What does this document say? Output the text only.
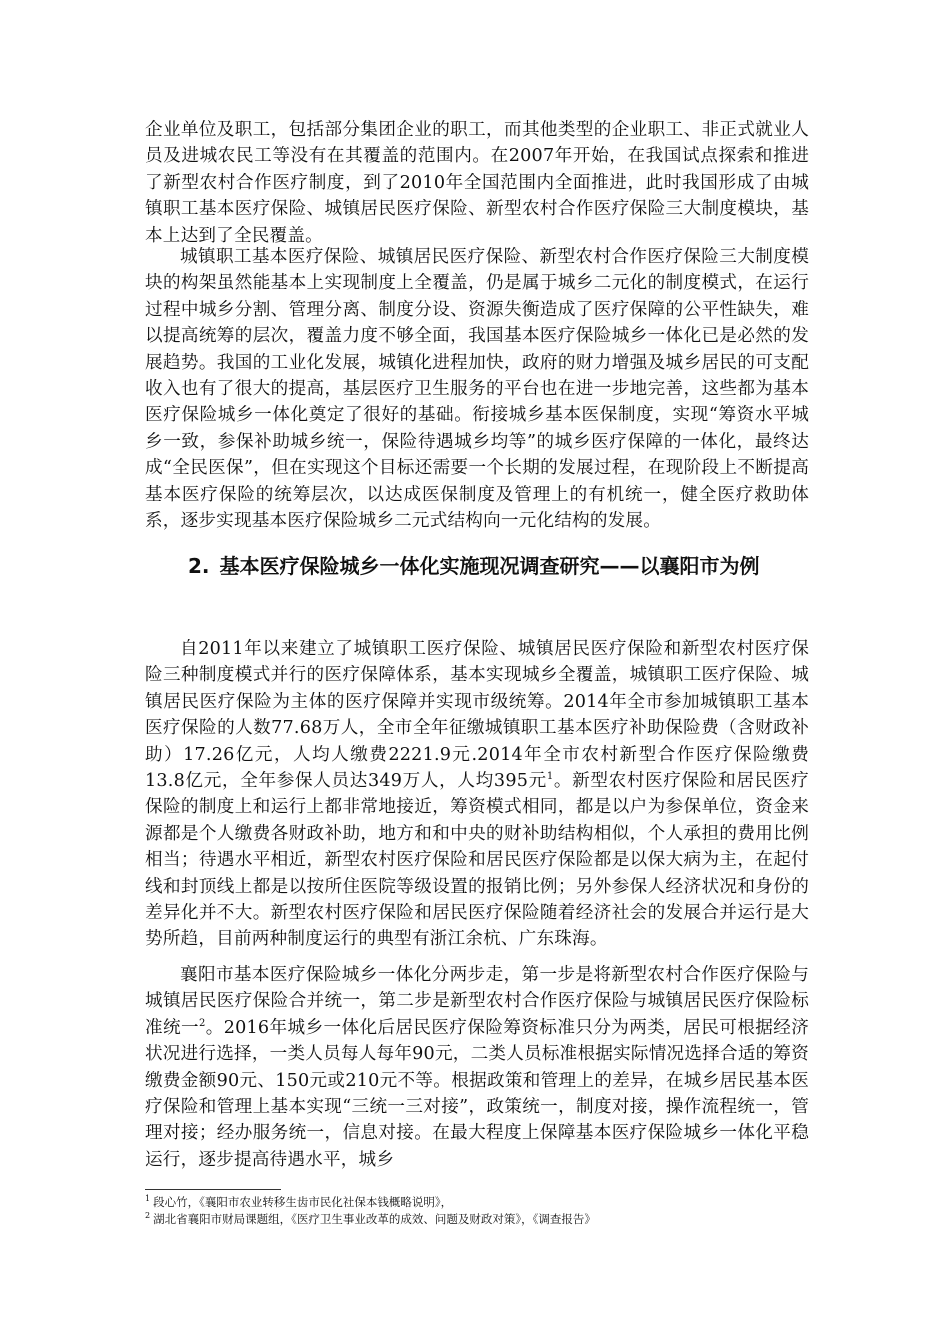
企业单位及职工，包括部分集团企业的职工，而其他类型的企业职工、非正式就业人员及进城农民工等没有在其覆盖的范围内。在2007年开始，在我国试点探索和推进了新型农村合作医疗制度，到了2010年全国范围内全面推进，此时我国形成了由城镇职工基本医疗保险、城镇居民医疗保险、新型农村合作医疗保险三大制度模块，基本上达到了全民覆盖。

城镇职工基本医疗保险、城镇居民医疗保险、新型农村合作医疗保险三大制度模块的构架虽然能基本上实现制度上全覆盖，仍是属于城乡二元化的制度模式，在运行过程中城乡分割、管理分离、制度分设、资源失衡造成了医疗保障的公平性缺失，难以提高统筹的层次，覆盖力度不够全面，我国基本医疗保险城乡一体化已是必然的发展趋势。我国的工业化发展，城镇化进程加快，政府的财力增强及城乡居民的可支配收入也有了很大的提高，基层医疗卫生服务的平台也在进一步地完善，这些都为基本医疗保险城乡一体化奠定了很好的基础。衔接城乡基本医保制度，实现“筹资水平城乡一致，参保补助城乡统一，保险待遇城乡均等”的城乡医疗保障的一体化，最终达成“全民医保”，但在实现这个目标还需要一个长期的发展过程，在现阶段上不断提高基本医疗保险的统筹层次，以达成医保制度及管理上的有机统一，健全医疗救助体系，逐步实现基本医疗保险城乡二元式结构向一元化结构的发展。

2. 基本医疗保险城乡一体化实施现况调查研究——以襄阳市为例

自2011年以来建立了城镇职工医疗保险、城镇居民医疗保险和新型农村医疗保险三种制度模式并行的医疗保障体系，基本实现城乡全覆盖，城镇职工医疗保险、城镇居民医疗保险为主体的医疗保障并实现市级统筹。2014年全市参加城镇职工基本医疗保险的人数77.68万人，全市全年征缴城镇职工基本医疗补助保险费（含财政补助）17.26亿元，人均人缴费2221.9元.2014年全市农村新型合作医疗保险缴费13.8亿元，全年参保人员达349万人，人均395元$^1$。新型农村医疗保险和居民医疗保险的制度上和运行上都非常地接近，筹资模式相同，都是以户为参保单位，资金来源都是个人缴费各财政补助，地方和和中央的财补助结构相似，个人承担的费用比例相当；待遇水平相近，新型农村医疗保险和居民医疗保险都是以保大病为主，在起付线和封顶线上都是以按所住医院等级设置的报销比例；另外参保人经济状况和身份的差异化并不大。新型农村医疗保险和居民医疗保险随着经济社会的发展合并运行是大势所趋，目前两种制度运行的典型有浙江余杭、广东珠海。

襄阳市基本医疗保险城乡一体化分两步走，第一步是将新型农村合作医疗保险与城镇居民医疗保险合并统一，第二步是新型农村合作医疗保险与城镇居民医疗保险标准统一$^2$。2016年城乡一体化后居民医疗保险筹资标准只分为两类，居民可根据经济状况进行选择，一类人员每人每年90元，二类人员标准根据实际情况选择合适的筹资缴费金额90元、150元或210元不等。根据政策和管理上的差异，在城乡居民基本医疗保险和管理上基本实现“三统一三对接”，政策统一，制度对接，操作流程统一，管理对接；经办服务统一，信息对接。在最大程度上保障基本医疗保险城乡一体化平稳运行，逐步提高待遇水平，城乡

$^1$ 段心竹，《襄阳市农业转移生齿市民化社保本钱概略说明》，
$^2$ 湖北省襄阳市财局课题组，《医疗卫生事业改革的成效、问题及财政对策》，《调查报告》
